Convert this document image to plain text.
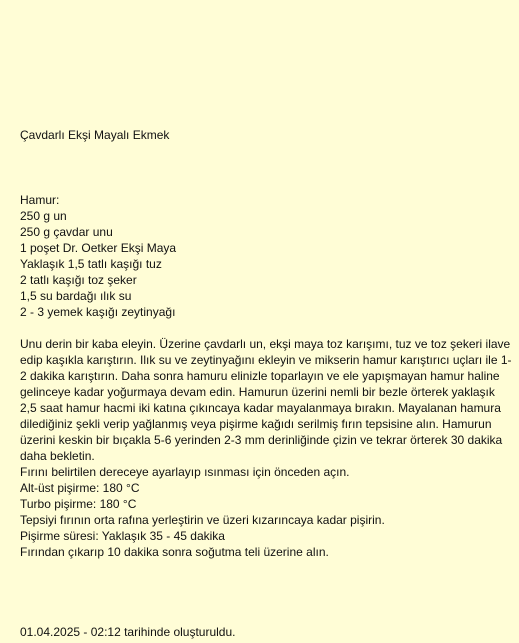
Çavdarlı Ekşi Mayalı Ekmek
Hamur:
250 g un
250 g çavdar unu
1 poşet Dr. Oetker Ekşi Maya
Yaklaşık 1,5 tatlı kaşığı tuz
2 tatlı kaşığı toz şeker
1,5 su bardağı ılık su
2 - 3 yemek kaşığı zeytinyağı

Unu derin bir kaba eleyin. Üzerine çavdarlı un, ekşi maya toz karışımı, tuz ve toz şekeri ilave edip kaşıkla karıştırın. Ilık su ve zeytinyağını ekleyin ve mikserin hamur karıştırıcı uçları ile 1-2 dakika karıştırın. Daha sonra hamuru elinizle toparlayın ve ele yapışmayan hamur haline gelinceye kadar yoğurmaya devam edin. Hamurun üzerini nemli bir bezle örterek yaklaşık 2,5 saat hamur hacmi iki katına çıkıncaya kadar mayalanmaya bırakın. Mayalanan hamura dilediğiniz şekli verip yağlanmış veya pişirme kağıdı serilmiş fırın tepsisine alın. Hamurun üzerini keskin bir bıçakla 5-6 yerinden 2-3 mm derinliğinde çizin ve tekrar örterek 30 dakika daha bekletin.

Fırını belirtilen dereceye ayarlayıp ısınması için önceden açın.
Alt-üst pişirme: 180 °C
Turbo pişirme: 180 °C
Tepsiyi fırının orta rafına yerleştirin ve üzeri kızarıncaya kadar pişirin.
Pişirme süresi: Yaklaşık 35 - 45 dakika
Fırından çıkarıp 10 dakika sonra soğutma teli üzerine alın.
01.04.2025 - 02:12 tarihinde oluşturuldu.
